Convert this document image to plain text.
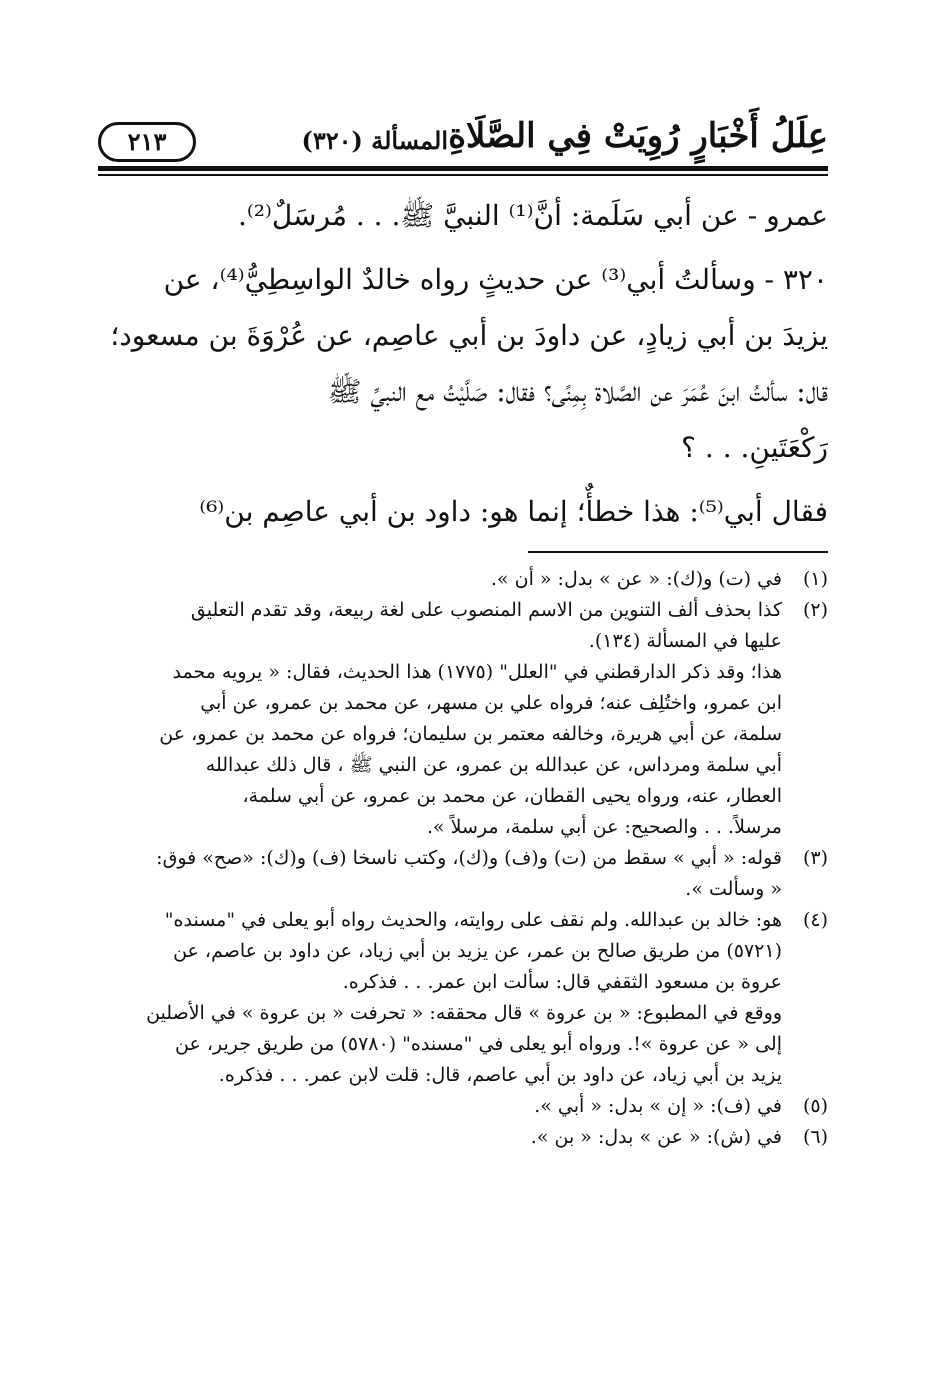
عِلَلُ أَخْبَارٍ رُوِيَتْ فِي الصَّلَاةِ
المسألة (٣٢٠)
٢١٣

عمرو - عن أبي سَلَمة: أنَّ⁽¹⁾ النبيَّ ﷺ. . . مُرسَلٌ⁽²⁾.

٣٢٠ - وسألتُ أبي⁽³⁾ عن حديثٍ رواه خالدٌ الواسِطِيُّ⁽⁴⁾، عن
يزيدَ بن أبي زيادٍ، عن داودَ بن أبي عاصِم، عن عُرْوَةَ بن مسعود؛
قال: سألتُ ابنَ عُمَرَ عن الصَّلاة بِمِنًى؟ فقال: صَلَّيْتُ مع النبيِّ ﷺ
رَكْعَتَينِ. . . ؟

فقال أبي⁽⁵⁾: هذا خطأٌ؛ إنما هو: داود بن أبي عاصِم بن⁽⁶⁾

(١)
في (ت) و(ك): « عن » بدل: « أن ».
(٢)
كذا بحذف ألف التنوين من الاسم المنصوب على لغة ربيعة، وقد تقدم التعليق
عليها في المسألة (١٣٤).
هذا؛ وقد ذكر الدارقطني في "العلل" (١٧٧٥) هذا الحديث، فقال: « يرويه محمد
ابن عمرو، واختُلِف عنه؛ فرواه علي بن مسهر، عن محمد بن عمرو، عن أبي
سلمة، عن أبي هريرة، وخالفه معتمر بن سليمان؛ فرواه عن محمد بن عمرو، عن
أبي سلمة ومرداس، عن عبدالله بن عمرو، عن النبي ﷺ ، قال ذلك عبدالله
العطار، عنه، ورواه يحيى القطان، عن محمد بن عمرو، عن أبي سلمة،
مرسلاً. . . والصحيح: عن أبي سلمة، مرسلاً ».
(٣)
قوله: « أبي » سقط من (ت) و(ف) و(ك)، وكتب ناسخا (ف) و(ك): «صح» فوق:
« وسألت ».
(٤)
هو: خالد بن عبدالله. ولم نقف على روايته، والحديث رواه أبو يعلى في "مسنده"
(٥٧٢١) من طريق صالح بن عمر، عن يزيد بن أبي زياد، عن داود بن عاصم، عن
عروة بن مسعود الثقفي قال: سألت ابن عمر. . . فذكره.
ووقع في المطبوع: « بن عروة » قال محققه: « تحرفت « بن عروة » في الأصلين
إلى « عن عروة »!. ورواه أبو يعلى في "مسنده" (٥٧٨٠) من طريق جرير، عن
يزيد بن أبي زياد، عن داود بن أبي عاصم، قال: قلت لابن عمر. . . فذكره.
(٥)
في (ف): « إن » بدل: « أبي ».
(٦)
في (ش): « عن » بدل: « بن ».
